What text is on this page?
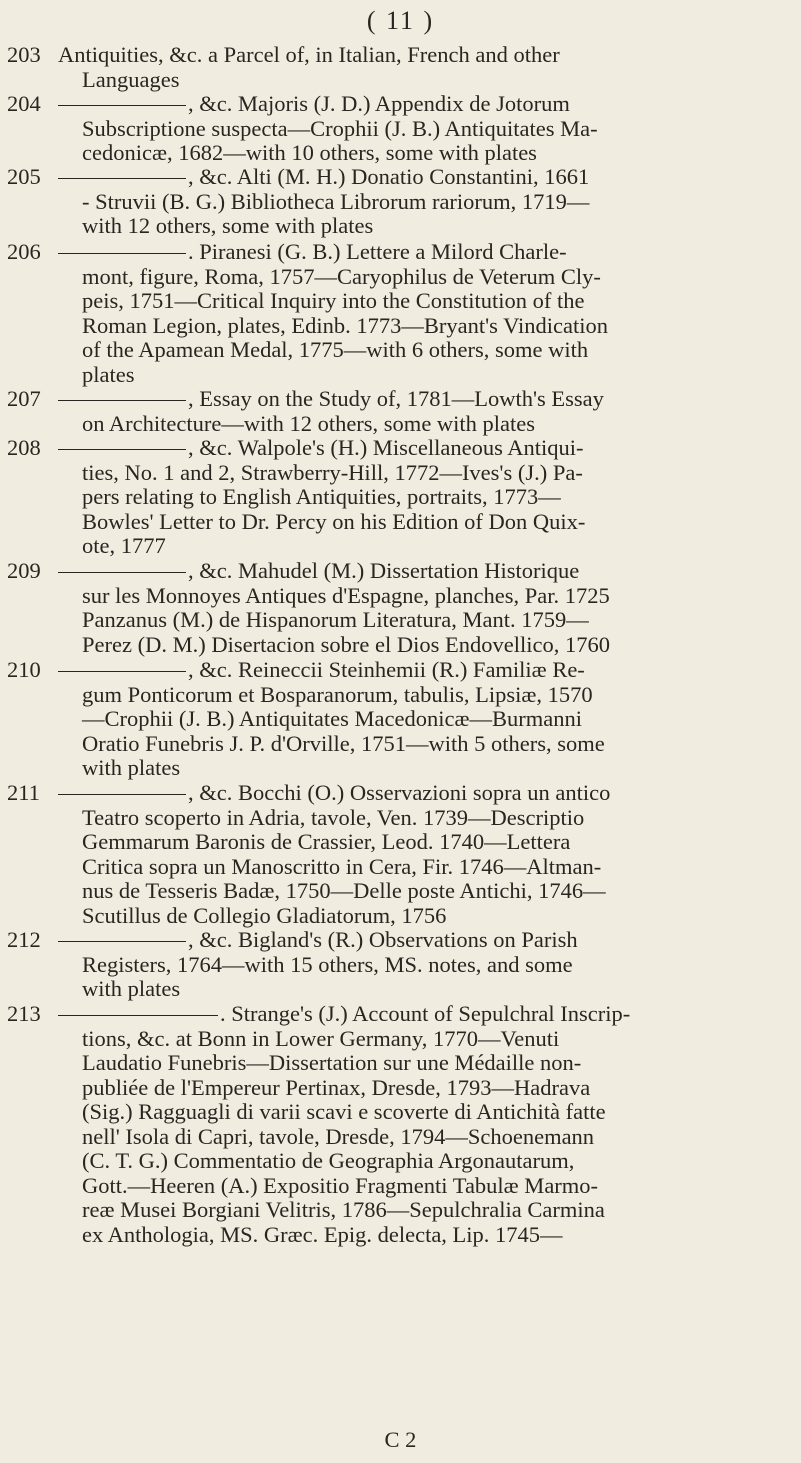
( 11 )
203 Antiquities, &c. a Parcel of, in Italian, French and other
Languages
204	, &c. Majoris (J. D.) Appendix de Jotorum
Subscriptione suspecta—Crophii (J. B.) Antiquitates Ma-
cedonicæ, 1682—with 10 others, some with plates
205	, &c. Alti (M. H.) Donatio Constantini, 1661
- Struvii (B. G.) Bibliotheca Librorum rariorum, 1719—
with 12 others, some with plates
206	. Piranesi (G. B.) Lettere a Milord Charle-
mont, figure, Roma, 1757—Caryophilus de Veterum Cly-
peis, 1751—Critical Inquiry into the Constitution of the
Roman Legion, plates, Edinb. 1773—Bryant's Vindication
of the Apamean Medal, 1775—with 6 others, some with
plates
207	, Essay on the Study of, 1781—Lowth's Essay
on Architecture—with 12 others, some with plates
208	, &c. Walpole's (H.) Miscellaneous Antiqui-
ties, No. 1 and 2, Strawberry-Hill, 1772—Ives's (J.) Pa-
pers relating to English Antiquities, portraits, 1773—
Bowles' Letter to Dr. Percy on his Edition of Don Quix-
ote, 1777
209	, &c. Mahudel (M.) Dissertation Historique
sur les Monnoyes Antiques d'Espagne, planches, Par. 1725
Panzanus (M.) de Hispanorum Literatura, Mant. 1759—
Perez (D. M.) Disertacion sobre el Dios Endovellico, 1760
210	, &c. Reineccii Steinhemii (R.) Familiæ Re-
gum Ponticorum et Bosparanorum, tabulis, Lipsiæ, 1570
—Crophii (J. B.) Antiquitates Macedonicæ—Burmanni
Oratio Funebris J. P. d'Orville, 1751—with 5 others, some
with plates
211	, &c. Bocchi (O.) Osservazioni sopra un antico
Teatro scoperto in Adria, tavole, Ven. 1739—Descriptio
Gemmarum Baronis de Crassier, Leod. 1740—Lettera
Critica sopra un Manoscritto in Cera, Fir. 1746—Altman-
nus de Tesseris Badæ, 1750—Delle poste Antichi, 1746—
Scutillus de Collegio Gladiatorum, 1756
212	, &c. Bigland's (R.) Observations on Parish
Registers, 1764—with 15 others, MS. notes, and some
with plates
213	. Strange's (J.) Account of Sepulchral Inscrip-
tions, &c. at Bonn in Lower Germany, 1770—Venuti
Laudatio Funebris—Dissertation sur une Médaille non-
publiée de l'Empereur Pertinax, Dresde, 1793—Hadrava
(Sig.) Ragguagli di varii scavi e scoverte di Antichità fatte
nell' Isola di Capri, tavole, Dresde, 1794—Schoenemann
(C. T. G.) Commentatio de Geographia Argonautarum,
Gott.—Heeren (A.) Expositio Fragmenti Tabulæ Marmo-
reæ Musei Borgiani Velitris, 1786—Sepulchralia Carmina
ex Anthologia, MS. Græc. Epig. delecta, Lip. 1745—
C 2
